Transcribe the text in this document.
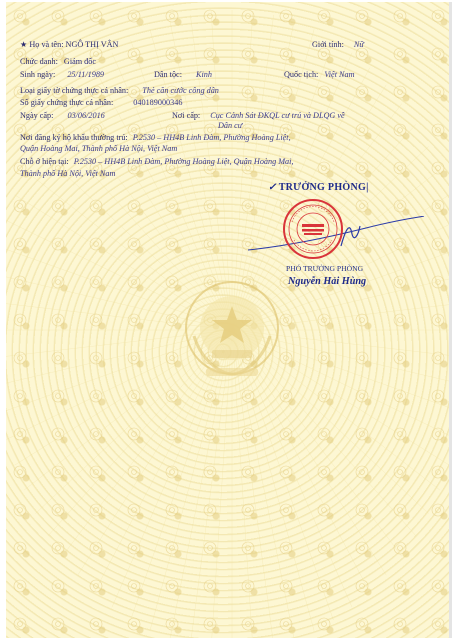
★ Họ và tên: NGÔ THỊ VÂN	Giới tính: Nữ
Chức danh: Giám đốc
Sinh ngày: 25/11/1989	Dân tộc: Kinh	Quốc tịch: Việt Nam
Loại giấy tờ chứng thực cá nhân: Thẻ căn cước công dân
Số giấy chứng thực cá nhân: 040189000346
Ngày cấp: 03/06/2016	Nơi cấp: Cục Cảnh Sát ĐKQL cư trú và DLQG về
Dân cư
Nơi đăng ký hộ khẩu thường trú: P.2530 – HH4B Linh Đàm, Phường Hoàng Liệt,
Quận Hoàng Mai, Thành phố Hà Nội, Việt Nam
Chỗ ở hiện tại: P.2530 – HH4B Linh Đàm, Phường Hoàng Liệt, Quận Hoàng Mai,
Thành phố Hà Nội, Việt Nam
✓ TRƯỞNG PHÒNG|
PHÓ TRƯỞNG PHÒNG
Nguyễn Hải Hùng
